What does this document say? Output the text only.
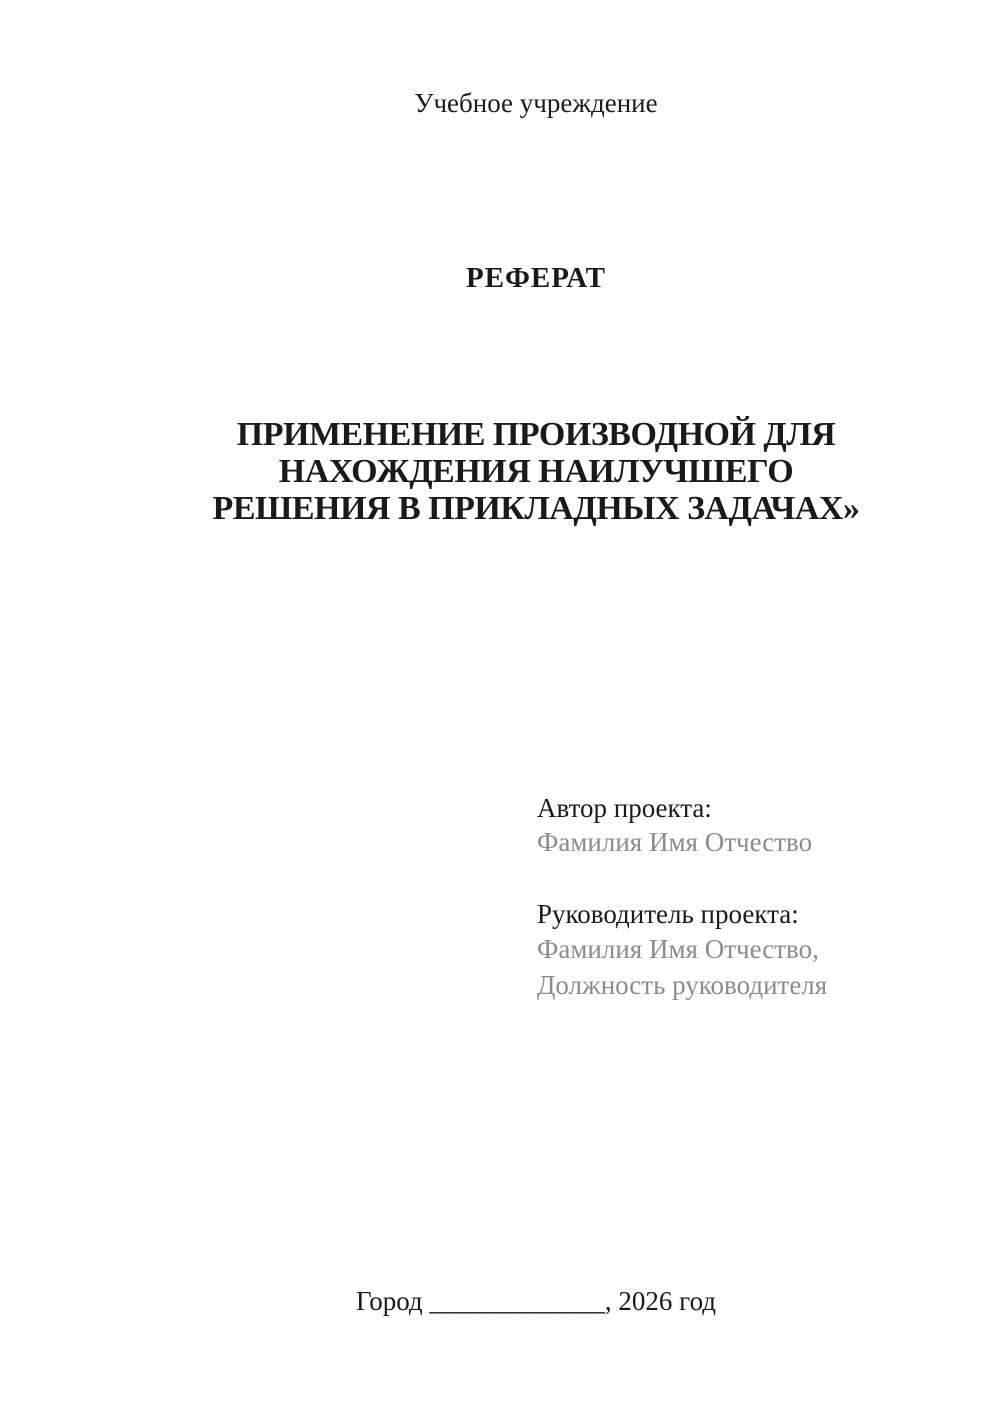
Учебное учреждение
РЕФЕРАТ
ПРИМЕНЕНИЕ ПРОИЗВОДНОЙ ДЛЯ
НАХОЖДЕНИЯ НАИЛУЧШЕГО
РЕШЕНИЯ В ПРИКЛАДНЫХ ЗАДАЧАХ»
Автор проекта:
Фамилия Имя Отчество
Руководитель проекта:
Фамилия Имя Отчество,
Должность руководителя
Город _____________, 2026 год
